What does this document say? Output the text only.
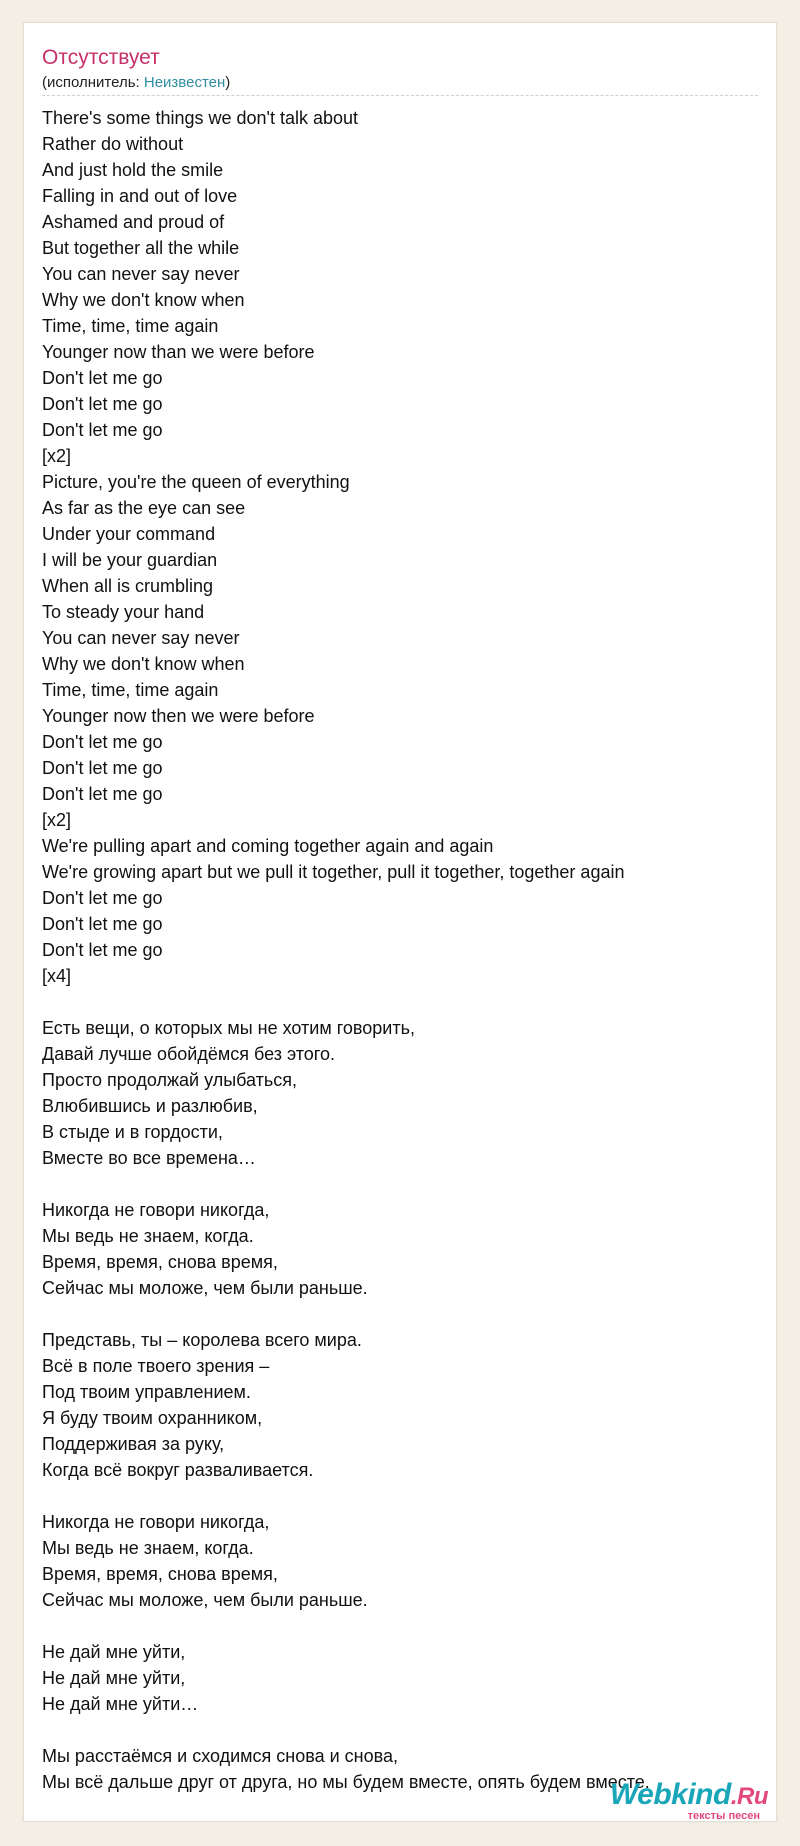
Отсутствует
(исполнитель: Неизвестен)
There's some things we don't talk about
Rather do without
And just hold the smile
Falling in and out of love
Ashamed and proud of
But together all the while
You can never say never
Why we don't know when
Time, time, time again
Younger now than we were before
Don't let me go
Don't let me go
Don't let me go
[x2]
Picture, you're the queen of everything
As far as the eye can see
Under your command
I will be your guardian
When all is crumbling
To steady your hand
You can never say never
Why we don't know when
Time, time, time again
Younger now then we were before
Don't let me go
Don't let me go
Don't let me go
[x2]
We're pulling apart and coming together again and again
We're growing apart but we pull it together, pull it together, together again
Don't let me go
Don't let me go
Don't let me go
[x4]
Есть вещи, о которых мы не хотим говорить,
Давай лучше обойдёмся без этого.
Просто продолжай улыбаться,
Влюбившись и разлюбив,
В стыде и в гордости,
Вместе во все времена…
Никогда не говори никогда,
Мы ведь не знаем, когда.
Время, время, снова время,
Сейчас мы моложе, чем были раньше.
Представь, ты – королева всего мира.
Всё в поле твоего зрения –
Под твоим управлением.
Я буду твоим охранником,
Поддерживая за руку,
Когда всё вокруг разваливается.
Никогда не говори никогда,
Мы ведь не знаем, когда.
Время, время, снова время,
Сейчас мы моложе, чем были раньше.
Не дай мне уйти,
Не дай мне уйти,
Не дай мне уйти…
Мы расстаёмся и сходимся снова и снова,
Мы всё дальше друг от друга, но мы будем вместе, опять будем вместе.
Webkind.Ru
тексты песен
